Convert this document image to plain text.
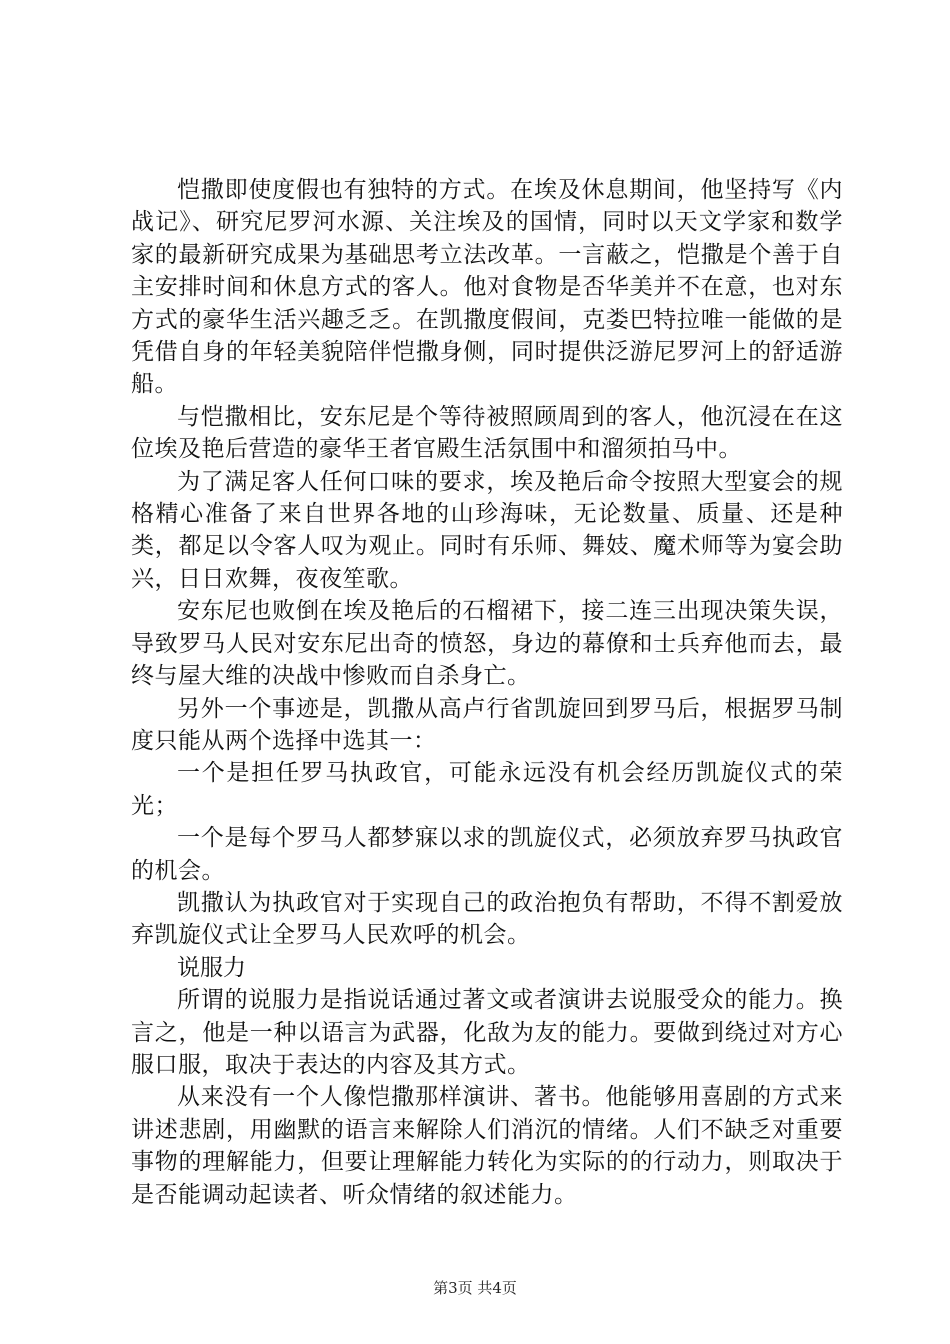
恺撒即使度假也有独特的方式。在埃及休息期间，他坚持写《内战记》、研究尼罗河水源、关注埃及的国情，同时以天文学家和数学家的最新研究成果为基础思考立法改革。一言蔽之，恺撒是个善于自主安排时间和休息方式的客人。他对食物是否华美并不在意，也对东方式的豪华生活兴趣乏乏。在凯撒度假间，克娄巴特拉唯一能做的是凭借自身的年轻美貌陪伴恺撒身侧，同时提供泛游尼罗河上的舒适游船。

与恺撒相比，安东尼是个等待被照顾周到的客人，他沉浸在在这位埃及艳后营造的豪华王者官殿生活氛围中和溜须拍马中。

为了满足客人任何口味的要求，埃及艳后命令按照大型宴会的规格精心准备了来自世界各地的山珍海味，无论数量、质量、还是种类，都足以令客人叹为观止。同时有乐师、舞妓、魔术师等为宴会助兴，日日欢舞，夜夜笙歌。

安东尼也败倒在埃及艳后的石榴裙下，接二连三出现决策失误，导致罗马人民对安东尼出奇的愤怒，身边的幕僚和士兵弃他而去，最终与屋大维的决战中惨败而自杀身亡。

另外一个事迹是，凯撒从高卢行省凯旋回到罗马后，根据罗马制度只能从两个选择中选其一：

一个是担任罗马执政官，可能永远没有机会经历凯旋仪式的荣光；

一个是每个罗马人都梦寐以求的凯旋仪式，必须放弃罗马执政官的机会。

凯撒认为执政官对于实现自己的政治抱负有帮助，不得不割爱放弃凯旋仪式让全罗马人民欢呼的机会。

说服力

所谓的说服力是指说话通过著文或者演讲去说服受众的能力。换言之，他是一种以语言为武器，化敌为友的能力。要做到绕过对方心服口服，取决于表达的内容及其方式。

从来没有一个人像恺撒那样演讲、著书。他能够用喜剧的方式来讲述悲剧，用幽默的语言来解除人们消沉的情绪。人们不缺乏对重要事物的理解能力，但要让理解能力转化为实际的的行动力，则取决于是否能调动起读者、听众情绪的叙述能力。

第3页 共4页
